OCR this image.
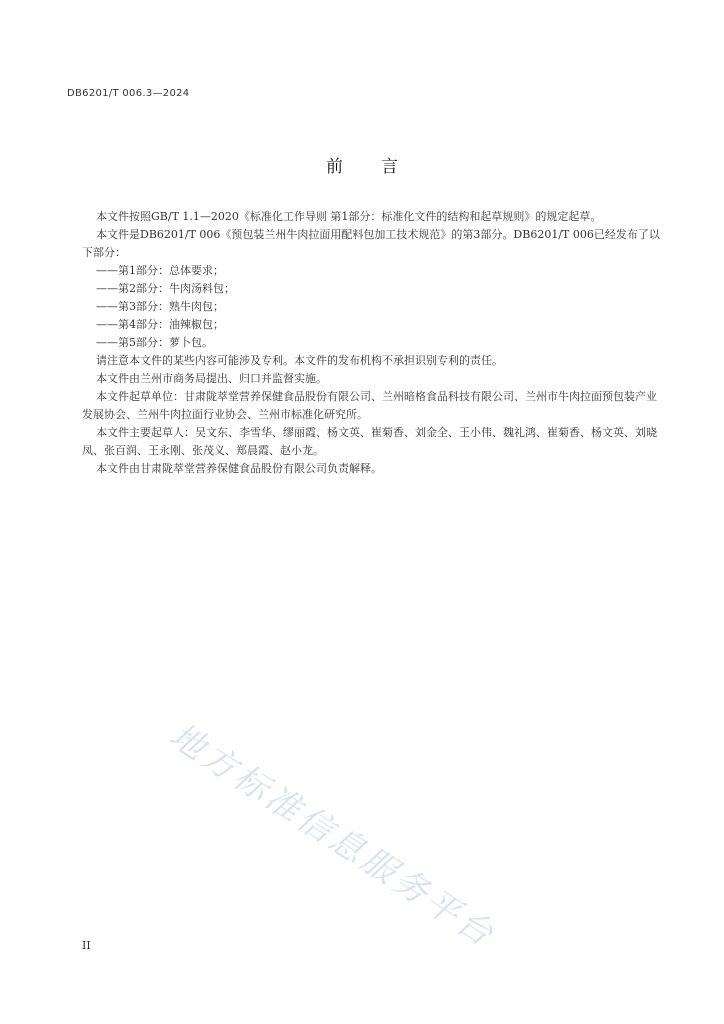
DB6201/T 006.3—2024
前言

本文件按照GB/T 1.1—2020《标准化工作导则 第1部分：标准化文件的结构和起草规则》的规定起草。

本文件是DB6201/T 006《预包装兰州牛肉拉面用配料包加工技术规范》的第3部分。DB6201/T 006已经发布了以下部分：

——第1部分：总体要求；

——第2部分：牛肉汤料包；

——第3部分：熟牛肉包；

——第4部分：油辣椒包；

——第5部分：萝卜包。

请注意本文件的某些内容可能涉及专利。本文件的发布机构不承担识别专利的责任。

本文件由兰州市商务局提出、归口并监督实施。

本文件起草单位：甘肃陇萃堂营养保健食品股份有限公司、兰州暗格食品科技有限公司、兰州市牛肉拉面预包装产业发展协会、兰州牛肉拉面行业协会、兰州市标准化研究所。

本文件主要起草人：吴文东、李雪华、缪丽霞、杨文英、崔菊香、刘金全、王小伟、魏礼鸿、崔菊香、杨文英、刘晓凤、张百润、王永刚、张茂义、郑晨霞、赵小龙。

本文件由甘肃陇萃堂营养保健食品股份有限公司负责解释。

地方标准信息服务平台
II
